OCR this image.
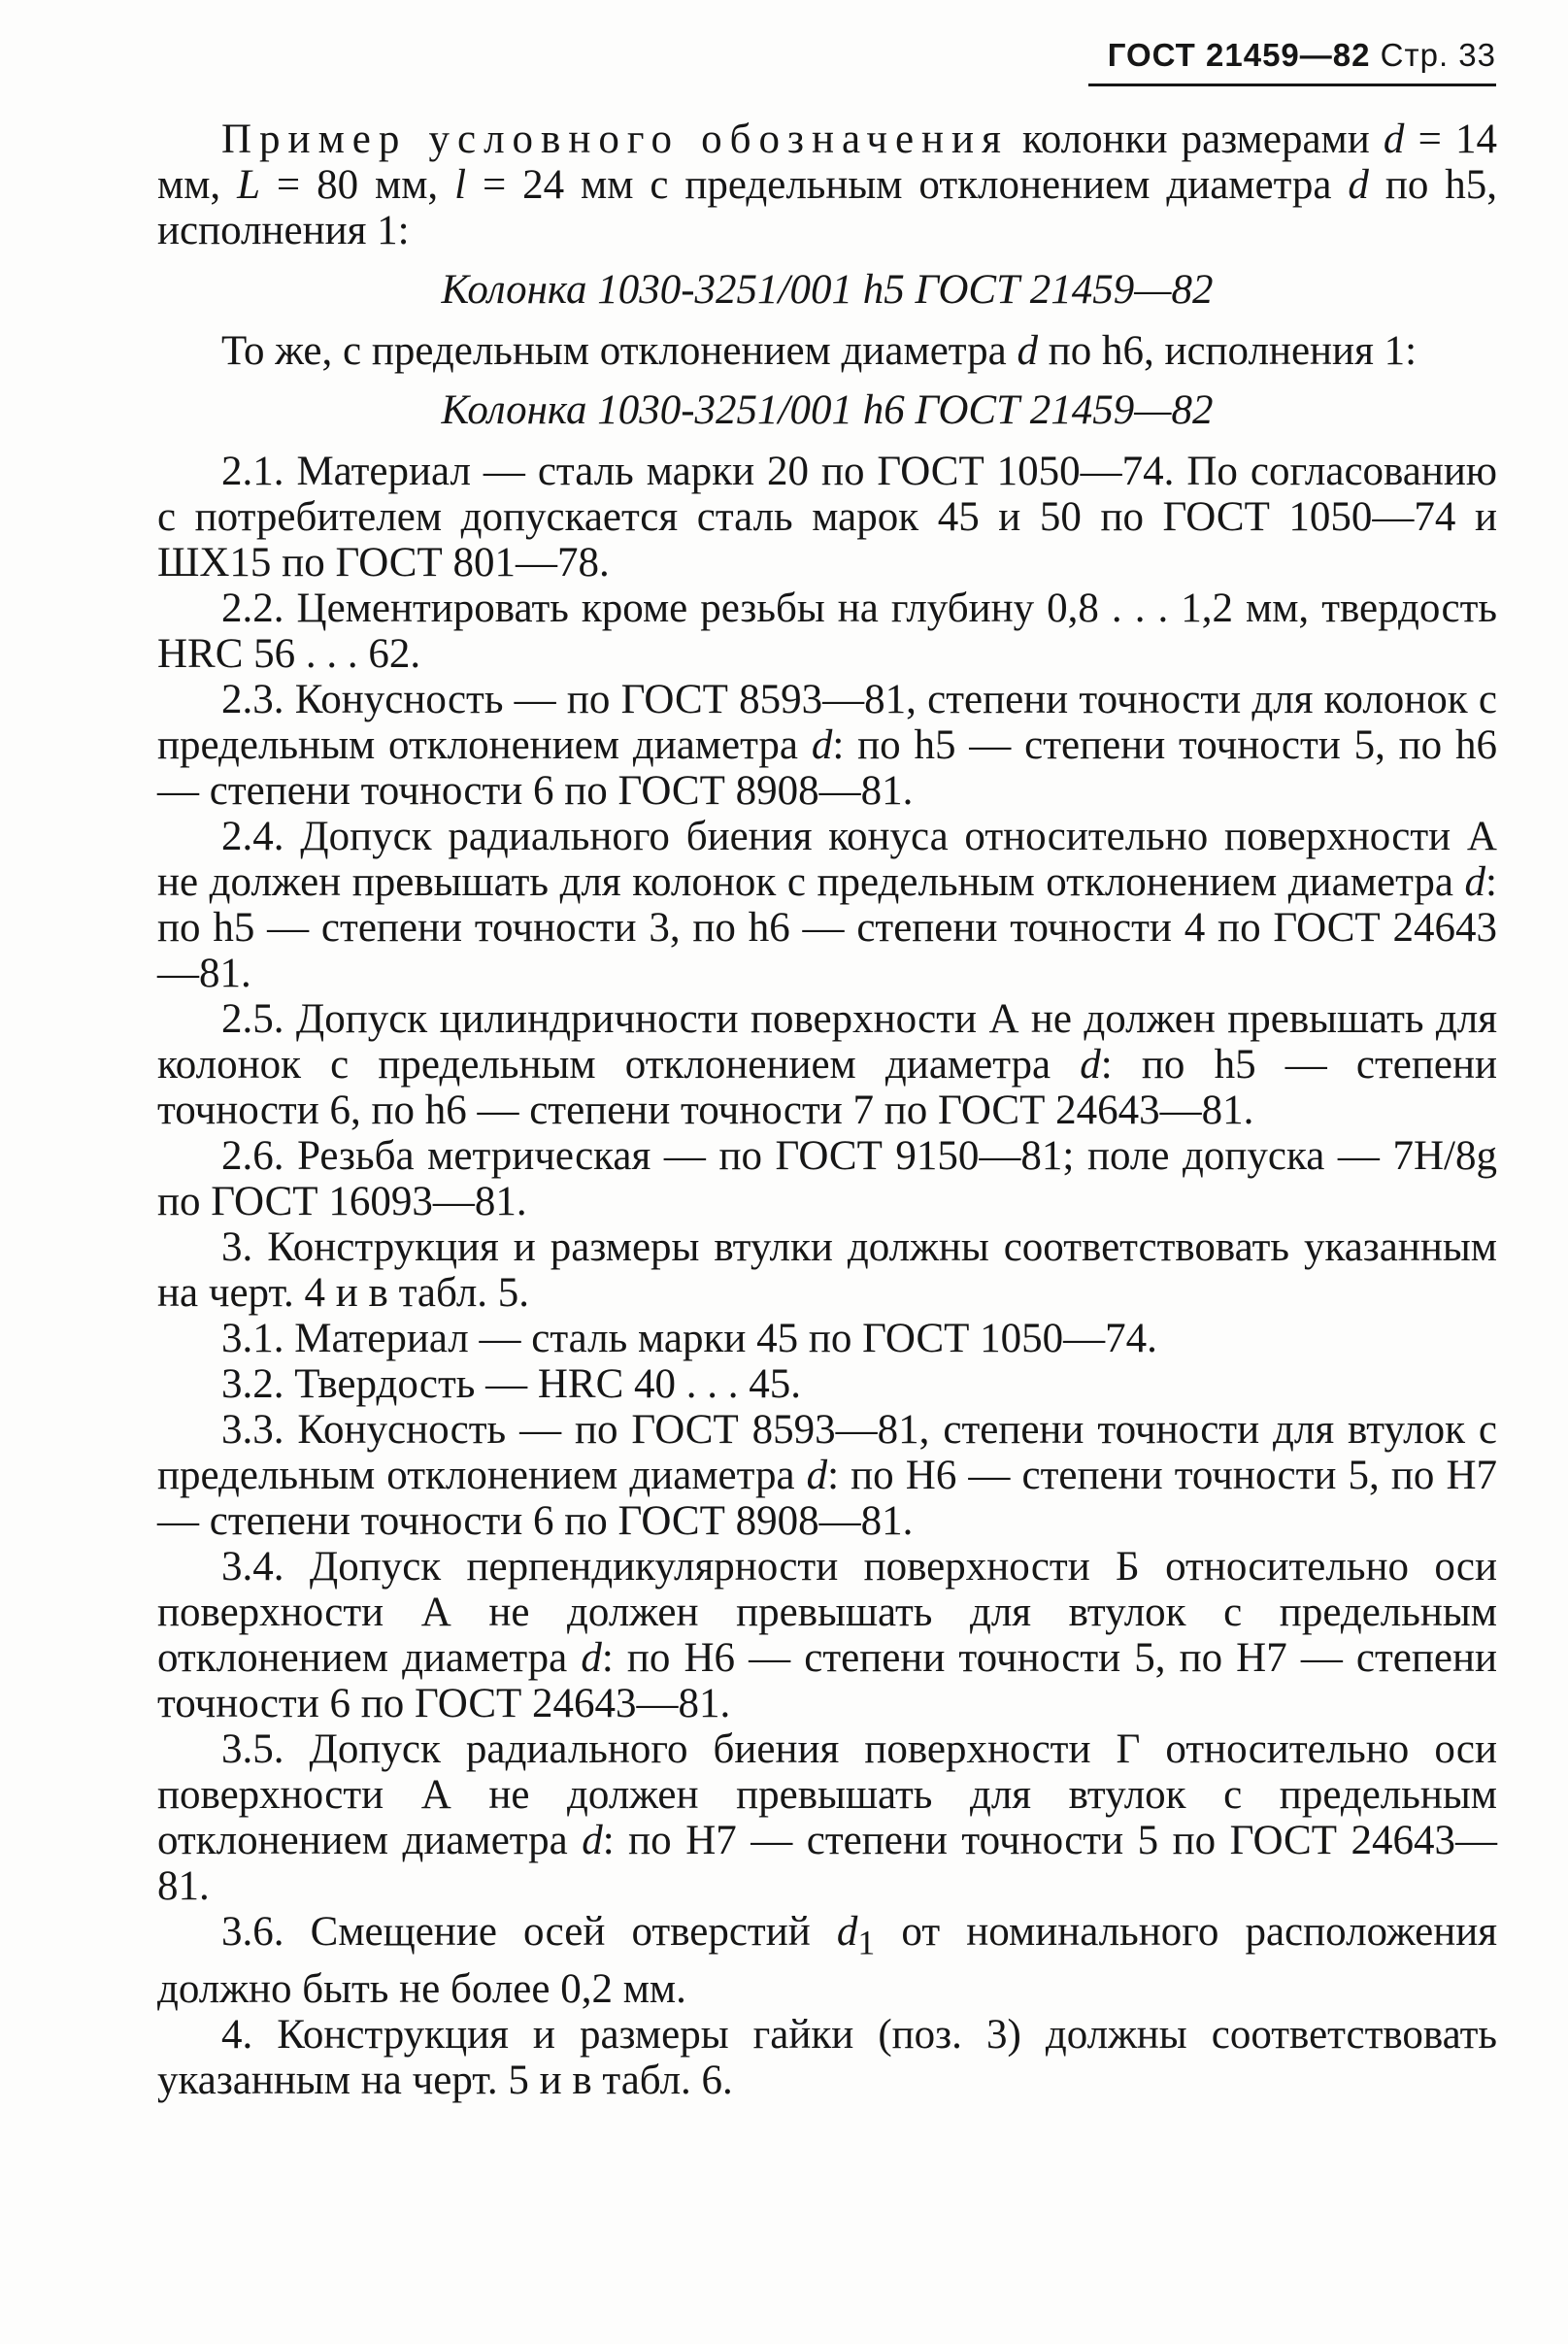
ГОСТ 21459—82 Стр. 33

Пример условного обозначения колонки размерами d = 14 мм, L = 80 мм, l = 24 мм с предельным отклонением диаметра d по h5, исполнения 1:

Колонка 1030-3251/001 h5 ГОСТ 21459—82

То же, с предельным отклонением диаметра d по h6, исполнения 1:

Колонка 1030-3251/001 h6 ГОСТ 21459—82

2.1. Материал — сталь марки 20 по ГОСТ 1050—74. По согласованию с потребителем допускается сталь марок 45 и 50 по ГОСТ 1050—74 и ШХ15 по ГОСТ 801—78.

2.2. Цементировать кроме резьбы на глубину 0,8 . . . 1,2 мм, твердость HRC 56 . . . 62.

2.3. Конусность — по ГОСТ 8593—81, степени точности для колонок с предельным отклонением диаметра d: по h5 — степени точности 5, по h6 — степени точности 6 по ГОСТ 8908—81.

2.4. Допуск радиального биения конуса относительно поверхности А не должен превышать для колонок с предельным отклонением диаметра d: по h5 — степени точности 3, по h6 — степени точности 4 по ГОСТ 24643—81.

2.5. Допуск цилиндричности поверхности А не должен превышать для колонок с предельным отклонением диаметра d: по h5 — степени точности 6, по h6 — степени точности 7 по ГОСТ 24643—81.

2.6. Резьба метрическая — по ГОСТ 9150—81; поле допуска — 7H/8g по ГОСТ 16093—81.

3. Конструкция и размеры втулки должны соответствовать указанным на черт. 4 и в табл. 5.

3.1. Материал — сталь марки 45 по ГОСТ 1050—74.

3.2. Твердость — HRC 40 . . . 45.

3.3. Конусность — по ГОСТ 8593—81, степени точности для втулок с предельным отклонением диаметра d: по Н6 — степени точности 5, по Н7 — степени точности 6 по ГОСТ 8908—81.

3.4. Допуск перпендикулярности поверхности Б относительно оси поверхности А не должен превышать для втулок с предельным отклонением диаметра d: по Н6 — степени точности 5, по Н7 — степени точности 6 по ГОСТ 24643—81.

3.5. Допуск радиального биения поверхности Г относительно оси поверхности А не должен превышать для втулок с предельным отклонением диаметра d: по Н7 — степени точности 5 по ГОСТ 24643—81.

3.6. Смещение осей отверстий $d_1$ от номинального расположения должно быть не более 0,2 мм.

4. Конструкция и размеры гайки (поз. 3) должны соответствовать указанным на черт. 5 и в табл. 6.
